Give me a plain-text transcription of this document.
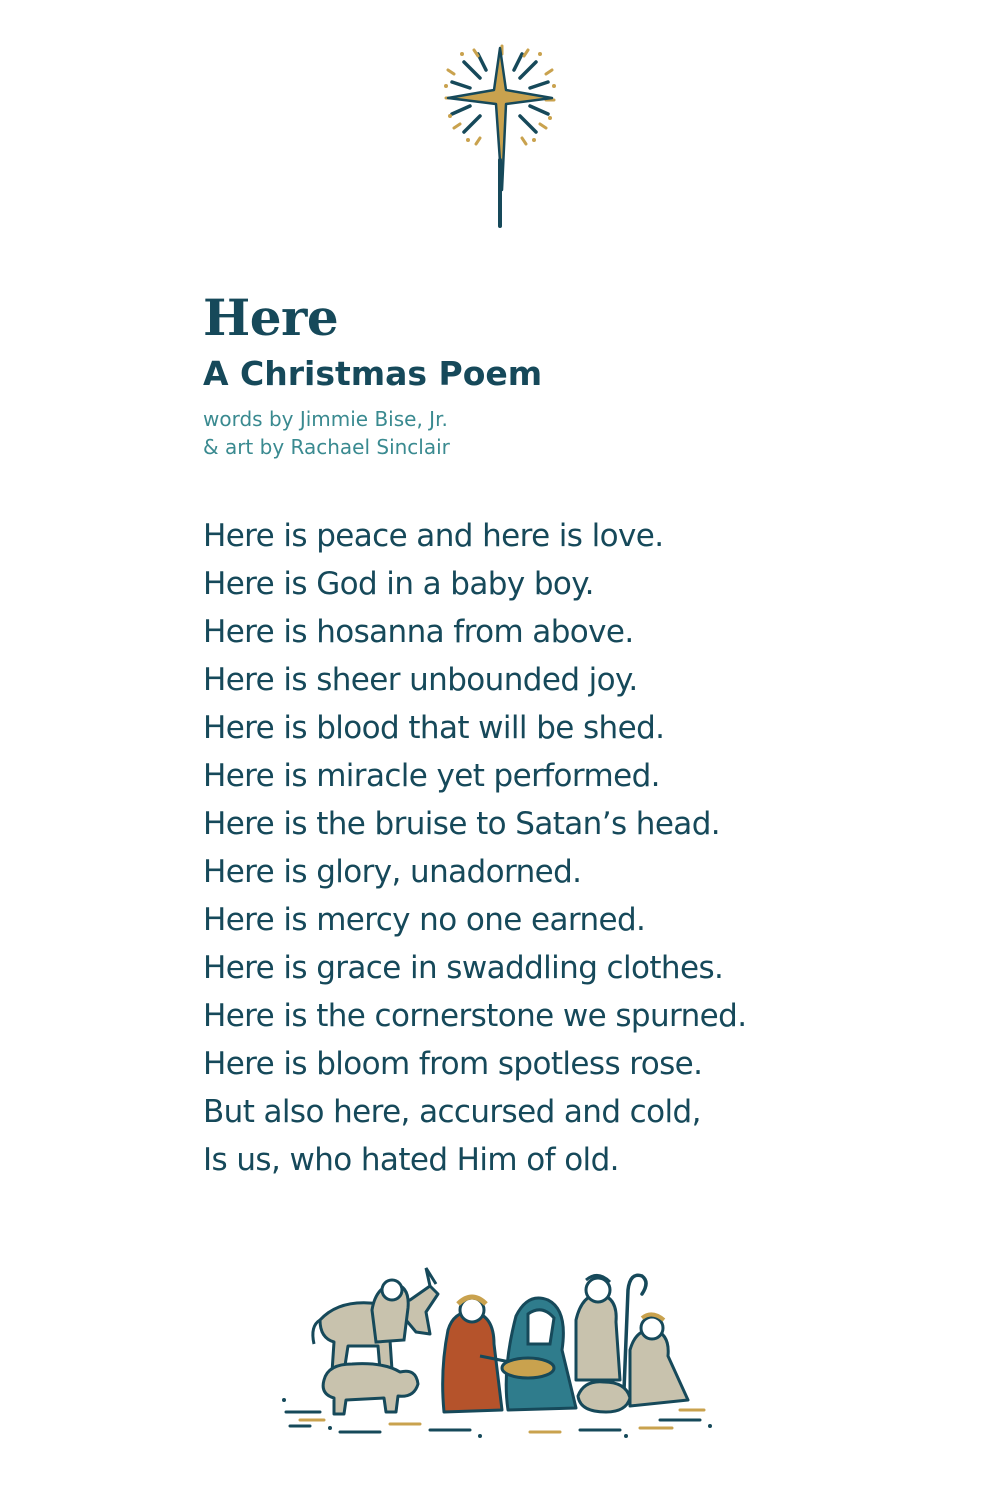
Here
A Christmas Poem
words by Jimmie Bise, Jr.
& art by Rachael Sinclair
Here is peace and here is love.
Here is God in a baby boy.
Here is hosanna from above.
Here is sheer unbounded joy.
Here is blood that will be shed.
Here is miracle yet performed.
Here is the bruise to Satan’s head.
Here is glory, unadorned.
Here is mercy no one earned.
Here is grace in swaddling clothes.
Here is the cornerstone we spurned.
Here is bloom from spotless rose.
But also here, accursed and cold,
Is us, who hated Him of old.
